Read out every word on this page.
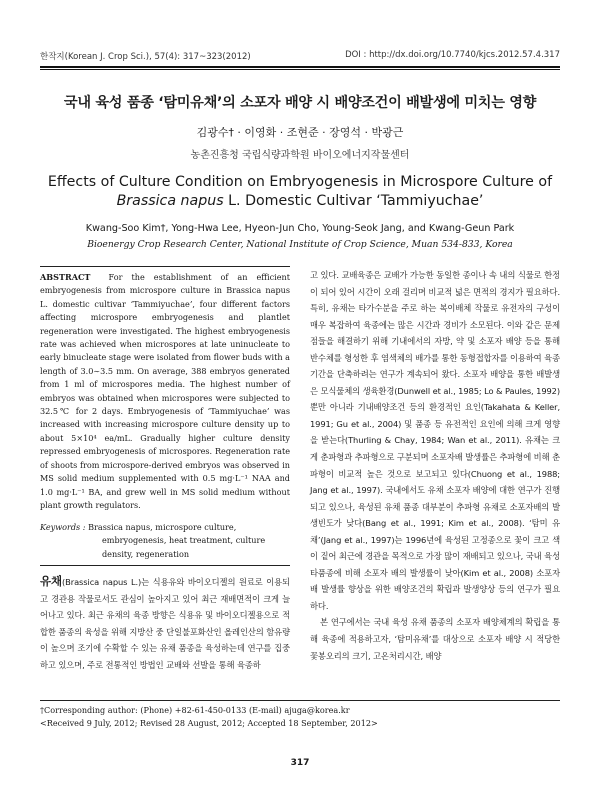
한작지(Korean J. Crop Sci.), 57(4): 317~323(2012)	DOI : http://dx.doi.org/10.7740/kjcs.2012.57.4.317
국내 육성 품종 ‘탐미유채’의 소포자 배양 시 배양조건이 배발생에 미치는 영향
김광수† · 이영화 · 조현준 · 장영석 · 박광근
농촌진흥청 국립식량과학원 바이오에너지작물센터
Effects of Culture Condition on Embryogenesis in Microspore Culture of
Brassica napus L. Domestic Cultivar ‘Tammiyuchae’
Kwang-Soo Kim†, Yong-Hwa Lee, Hyeon-Jun Cho, Young-Seok Jang, and Kwang-Geun Park
Bioenergy Crop Research Center, National Institute of Crop Science, Muan 534-833, Korea
ABSTRACT For the establishment of an efficient embryogenesis from microspore culture in Brassica napus L. domestic cultivar ‘Tammiyuchae’, four different factors affecting microspore embryogenesis and plantlet regeneration were investigated. The highest embryogenesis rate was achieved when microspores at late uninucleate to early binucleate stage were isolated from flower buds with a length of 3.0∼3.5 mm. On average, 388 embryos generated from 1 ml of microspores media. The highest number of embryos was obtained when microspores were subjected to 32.5℃ for 2 days. Embryogenesis of ‘Tammiyuchae’ was increased with increasing microspore culture density up to about 5×10⁴ ea/mL. Gradually higher culture density repressed embryogenesis of microspores. Regeneration rate of shoots from microspore-derived embryos was observed in MS solid medium supplemented with 0.5 mg·L⁻¹ NAA and 1.0 mg·L⁻¹ BA, and grew well in MS solid medium without plant growth regulators.
Keywords : Brassica napus, microspore culture, embryogenesis, heat treatment, culture density, regeneration
유채(Brassica napus L.)는 식용유와 바이오디젤의 원료로 이용되고 경관용 작물로서도 관심이 높아지고 있어 최근 재배면적이 크게 늘어나고 있다. 최근 유채의 육종 방향은 식용유 및 바이오디젤용으로 적합한 품종의 육성을 위해 지방산 중 단일불포화산인 올레인산의 함유량이 높으며 조기에 수확할 수 있는 유채 품종을 육성하는데 연구를 집중하고 있으며, 주로 전통적인 방법인 교배와 선발을 통해 육종하

고 있다. 교배육종은 교배가 가능한 동일한 종이나 속 내의 식물로 한정이 되어 있어 시간이 오래 걸리며 비교적 넓은 면적의 경지가 필요하다. 특히, 유채는 타가수분을 주로 하는 복이배체 작물로 유전자의 구성이 매우 복잡하여 육종에는 많은 시간과 경비가 소모된다. 이와 같은 문제점들을 해결하기 위해 기내에서의 자방, 약 및 소포자 배양 등을 통해 반수체를 형성한 후 염색체의 배가를 통한 동형접합자를 이용하여 육종기간을 단축하려는 연구가 계속되어 왔다. 소포자 배양을 통한 배발생은 모식물체의 생육환경(Dunwell et al., 1985; Lo & Paules, 1992) 뿐만 아니라 기내배양조건 등의 환경적인 요인(Takahata & Keller, 1991; Gu et al., 2004) 및 품종 등 유전적인 요인에 의해 크게 영향을 받는다(Thurling & Chay, 1984; Wan et al., 2011). 유채는 크게 춘파형과 추파형으로 구분되며 소포자배 발생률은 추파형에 비해 춘파형이 비교적 높은 것으로 보고되고 있다(Chuong et al., 1988; Jang et al., 1997). 국내에서도 유채 소포자 배양에 대한 연구가 진행되고 있으나, 육성된 유채 품종 대부분이 추파형 유채로 소포자배의 발생빈도가 낮다(Bang et al., 1991; Kim et al., 2008). ‘탐미 유채’(Jang et al., 1997)는 1996년에 육성된 고정종으로 꽃이 크고 색이 짙어 최근에 경관을 목적으로 가장 많이 재배되고 있으나, 국내 육성 타품종에 비해 소포자 배의 발생률이 낮아(Kim et al., 2008) 소포자배 발생률 향상을 위한 배양조건의 확립과 발생양상 등의 연구가 필요하다.

본 연구에서는 국내 육성 유채 품종의 소포자 배양체계의 확립을 통해 육종에 적용하고자, ‘탐미유채’를 대상으로 소포자 배양 시 적당한 꽃봉오리의 크기, 고온처리시간, 배양

†Corresponding author: (Phone) +82-61-450-0133 (E-mail) ajuga@korea.kr
<Received 9 July, 2012; Revised 28 August, 2012; Accepted 18 September, 2012>
317
